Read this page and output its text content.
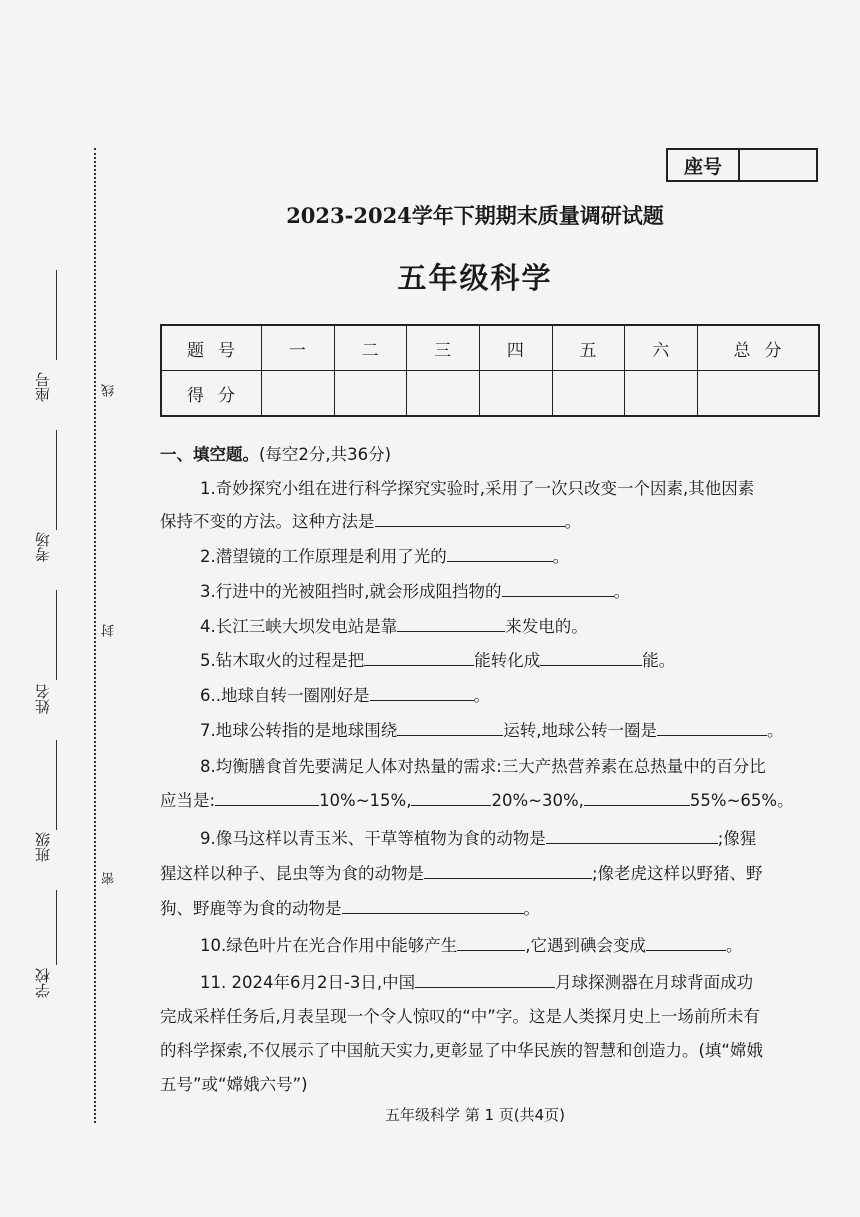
座号
考场
姓名
班级
学校
线
封
密
座号
2023-2024学年下期期末质量调研试题
五年级科学
题号	一	二	三	四	五	六	总分
得分							
一、填空题。(每空2分,共36分)
1.奇妙探究小组在进行科学探究实验时,采用了一次只改变一个因素,其他因素
保持不变的方法。这种方法是	。
2.潜望镜的工作原理是利用了光的	。
3.行进中的光被阻挡时,就会形成阻挡物的	。
4.长江三峡大坝发电站是靠	来发电的。
5.钻木取火的过程是把	能转化成	能。
6..地球自转一圈刚好是	。
7.地球公转指的是地球围绕	运转,地球公转一圈是	。
8.均衡膳食首先要满足人体对热量的需求:三大产热营养素在总热量中的百分比
应当是:	10%~15%,	20%~30%,	55%~65%。
9.像马这样以青玉米、干草等植物为食的动物是	;像猩
猩这样以种子、昆虫等为食的动物是	;像老虎这样以野猪、野
狗、野鹿等为食的动物是	。
10.绿色叶片在光合作用中能够产生	,它遇到碘会变成	。
11. 2024年6月2日-3日,中国	月球探测器在月球背面成功
完成采样任务后,月表呈现一个令人惊叹的“中”字。这是人类探月史上一场前所未有
的科学探索,不仅展示了中国航天实力,更彰显了中华民族的智慧和创造力。(填“嫦娥
五号”或“嫦娥六号”)
五年级科学 第 1 页(共4页)
